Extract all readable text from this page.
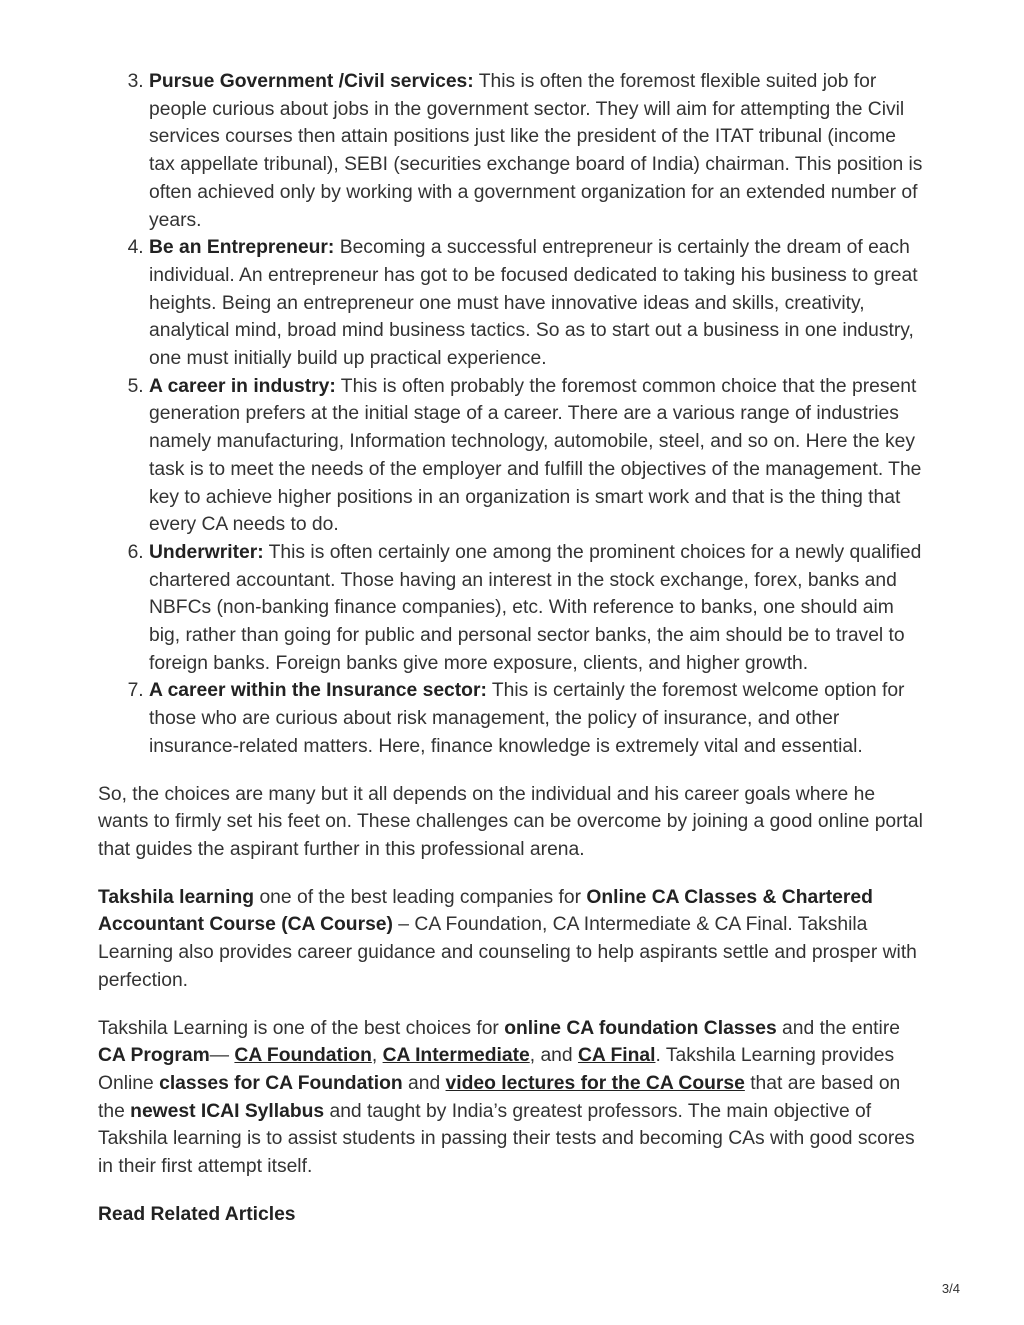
3. Pursue Government /Civil services: This is often the foremost flexible suited job for people curious about jobs in the government sector. They will aim for attempting the Civil services courses then attain positions just like the president of the ITAT tribunal (income tax appellate tribunal), SEBI (securities exchange board of India) chairman. This position is often achieved only by working with a government organization for an extended number of years.
4. Be an Entrepreneur: Becoming a successful entrepreneur is certainly the dream of each individual. An entrepreneur has got to be focused dedicated to taking his business to great heights. Being an entrepreneur one must have innovative ideas and skills, creativity, analytical mind, broad mind business tactics. So as to start out a business in one industry, one must initially build up practical experience.
5. A career in industry: This is often probably the foremost common choice that the present generation prefers at the initial stage of a career. There are a various range of industries namely manufacturing, Information technology, automobile, steel, and so on. Here the key task is to meet the needs of the employer and fulfill the objectives of the management. The key to achieve higher positions in an organization is smart work and that is the thing that every CA needs to do.
6. Underwriter: This is often certainly one among the prominent choices for a newly qualified chartered accountant. Those having an interest in the stock exchange, forex, banks and NBFCs (non-banking finance companies), etc. With reference to banks, one should aim big, rather than going for public and personal sector banks, the aim should be to travel to foreign banks. Foreign banks give more exposure, clients, and higher growth.
7. A career within the Insurance sector: This is certainly the foremost welcome option for those who are curious about risk management, the policy of insurance, and other insurance-related matters. Here, finance knowledge is extremely vital and essential.

So, the choices are many but it all depends on the individual and his career goals where he wants to firmly set his feet on. These challenges can be overcome by joining a good online portal that guides the aspirant further in this professional arena.

Takshila learning one of the best leading companies for Online CA Classes & Chartered Accountant Course (CA Course) – CA Foundation, CA Intermediate & CA Final. Takshila Learning also provides career guidance and counseling to help aspirants settle and prosper with perfection.

Takshila Learning is one of the best choices for online CA foundation Classes and the entire CA Program— CA Foundation, CA Intermediate, and CA Final. Takshila Learning provides Online classes for CA Foundation and video lectures for the CA Course that are based on the newest ICAI Syllabus and taught by India’s greatest professors. The main objective of Takshila learning is to assist students in passing their tests and becoming CAs with good scores in their first attempt itself.

Read Related Articles
3/4
